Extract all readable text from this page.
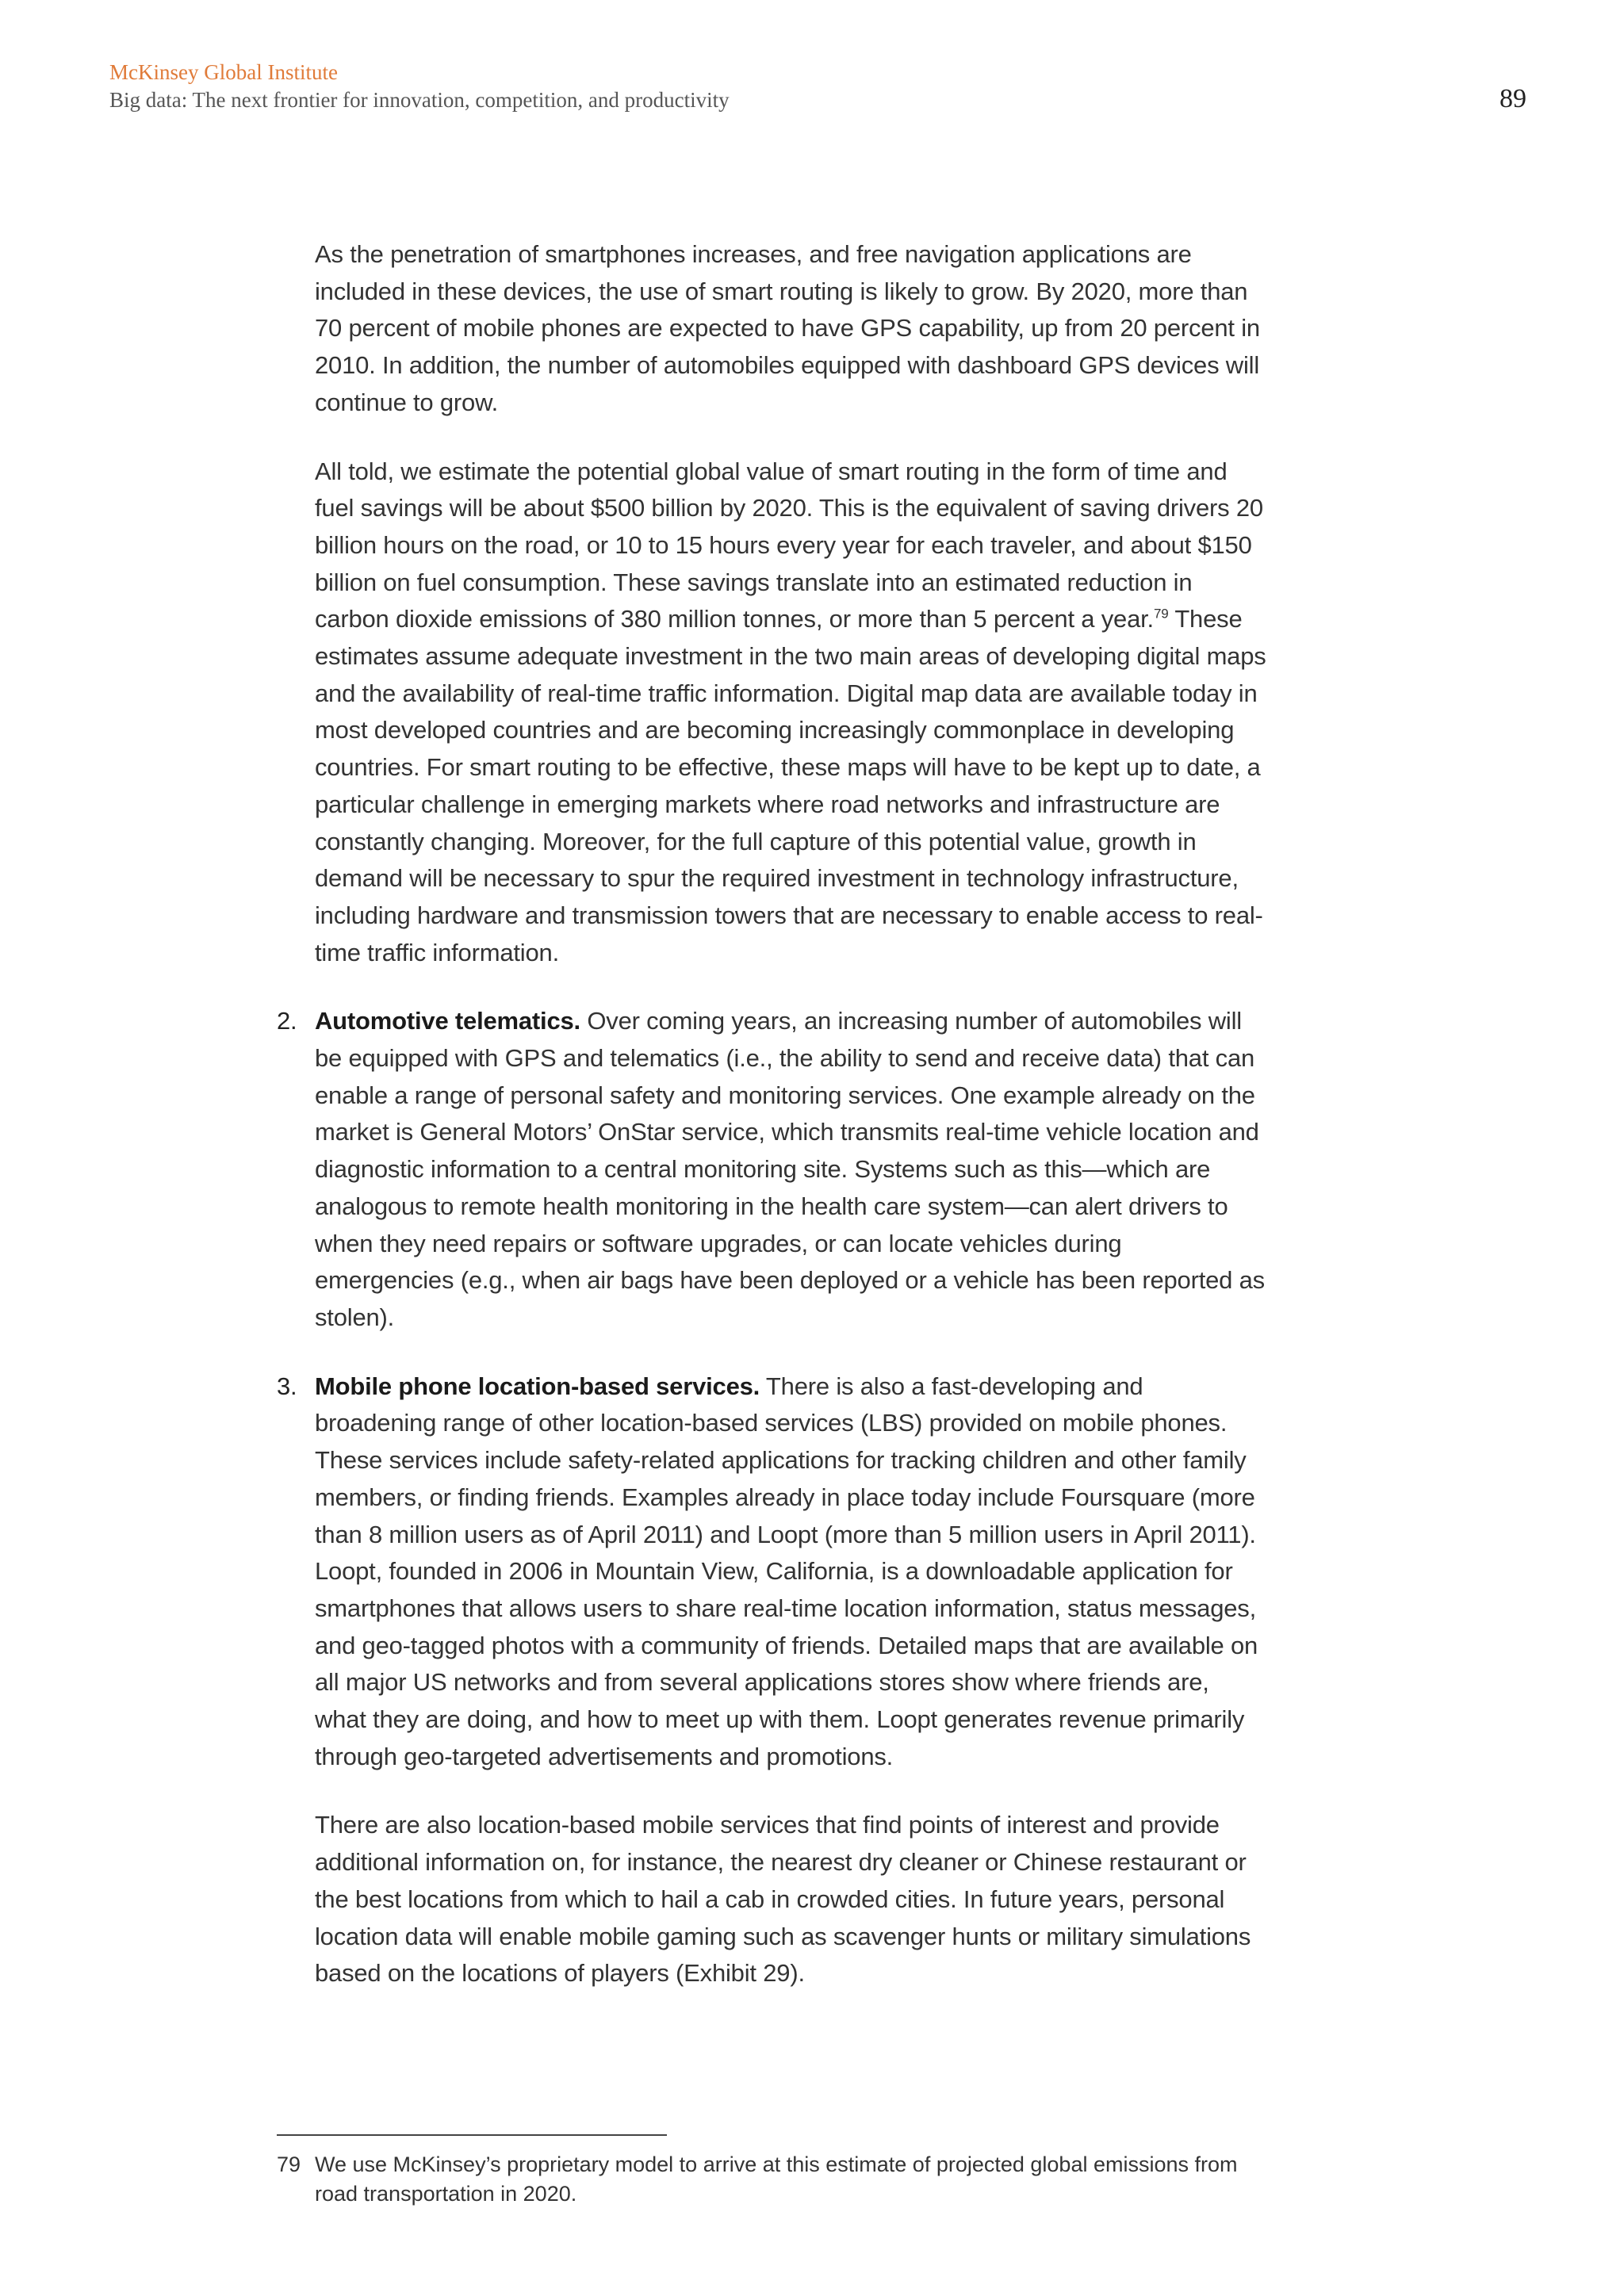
McKinsey Global Institute
Big data: The next frontier for innovation, competition, and productivity	89

As the penetration of smartphones increases, and free navigation applications are included in these devices, the use of smart routing is likely to grow. By 2020, more than 70 percent of mobile phones are expected to have GPS capability, up from 20 percent in 2010. In addition, the number of automobiles equipped with dashboard GPS devices will continue to grow.

All told, we estimate the potential global value of smart routing in the form of time and fuel savings will be about $500 billion by 2020. This is the equivalent of saving drivers 20 billion hours on the road, or 10 to 15 hours every year for each traveler, and about $150 billion on fuel consumption. These savings translate into an estimated reduction in carbon dioxide emissions of 380 million tonnes, or more than 5 percent a year.$^{79}$ These estimates assume adequate investment in the two main areas of developing digital maps and the availability of real-time traffic information. Digital map data are available today in most developed countries and are becoming increasingly commonplace in developing countries. For smart routing to be effective, these maps will have to be kept up to date, a particular challenge in emerging markets where road networks and infrastructure are constantly changing. Moreover, for the full capture of this potential value, growth in demand will be necessary to spur the required investment in technology infrastructure, including hardware and transmission towers that are necessary to enable access to real-time traffic information.

2. Automotive telematics. Over coming years, an increasing number of automobiles will be equipped with GPS and telematics (i.e., the ability to send and receive data) that can enable a range of personal safety and monitoring services. One example already on the market is General Motors’ OnStar service, which transmits real-time vehicle location and diagnostic information to a central monitoring site. Systems such as this—which are analogous to remote health monitoring in the health care system—can alert drivers to when they need repairs or software upgrades, or can locate vehicles during emergencies (e.g., when air bags have been deployed or a vehicle has been reported as stolen).
3. Mobile phone location-based services. There is also a fast-developing and broadening range of other location-based services (LBS) provided on mobile phones. These services include safety-related applications for tracking children and other family members, or finding friends. Examples already in place today include Foursquare (more than 8 million users as of April 2011) and Loopt (more than 5 million users in April 2011). Loopt, founded in 2006 in Mountain View, California, is a downloadable application for smartphones that allows users to share real-time location information, status messages, and geo-tagged photos with a community of friends. Detailed maps that are available on all major US networks and from several applications stores show where friends are, what they are doing, and how to meet up with them. Loopt generates revenue primarily through geo-targeted advertisements and promotions.

There are also location-based mobile services that find points of interest and provide additional information on, for instance, the nearest dry cleaner or Chinese restaurant or the best locations from which to hail a cab in crowded cities. In future years, personal location data will enable mobile gaming such as scavenger hunts or military simulations based on the locations of players (Exhibit 29).

79 We use McKinsey’s proprietary model to arrive at this estimate of projected global emissions from road transportation in 2020.
